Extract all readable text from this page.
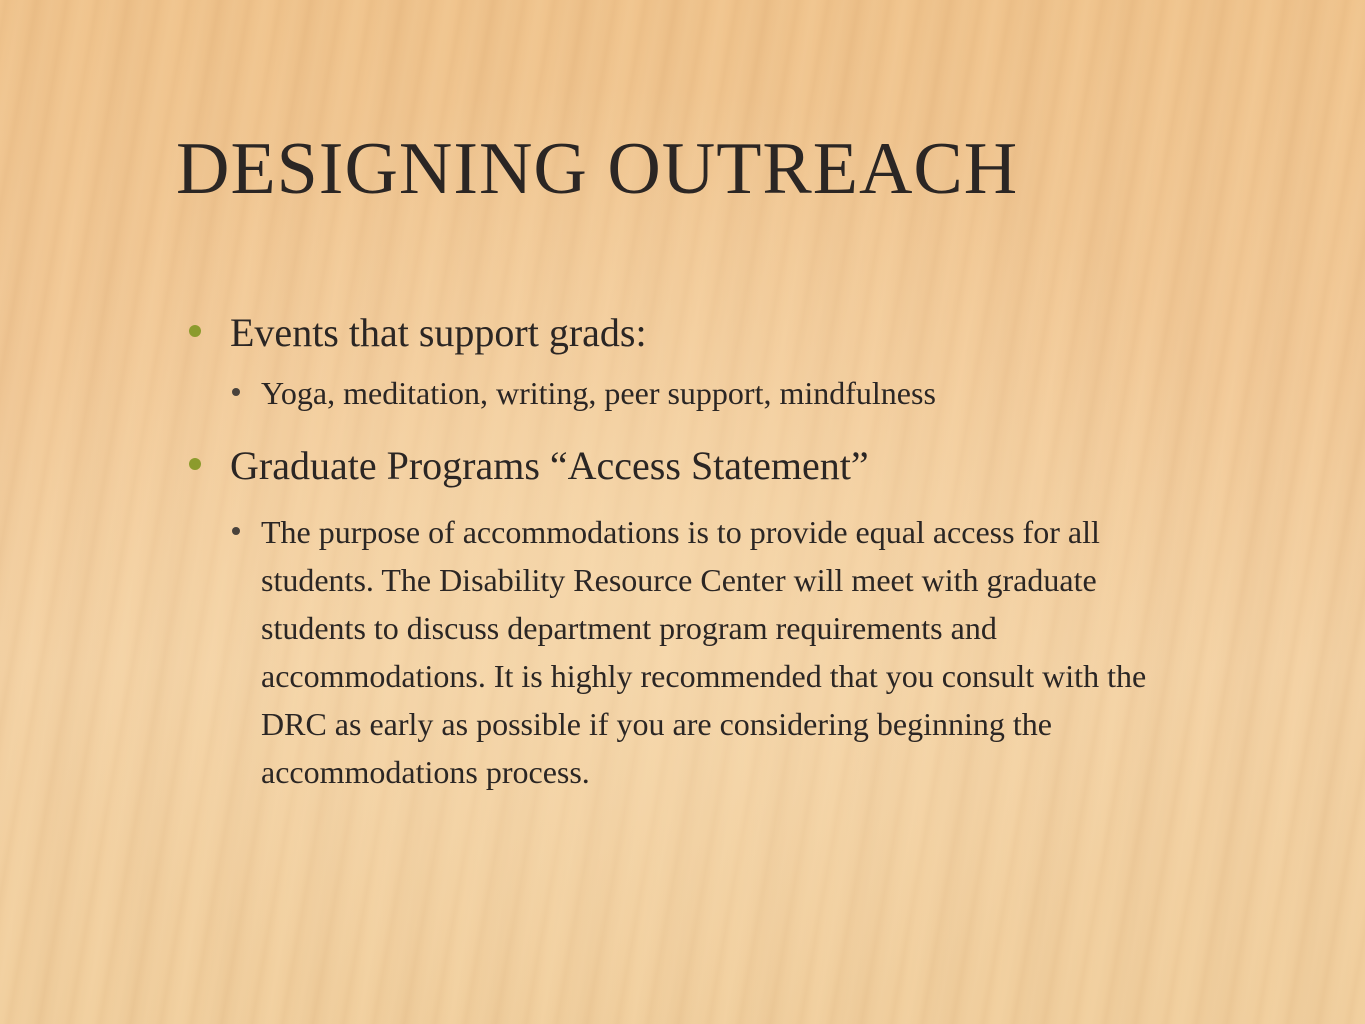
DESIGNING OUTREACH
Events that support grads:
Yoga, meditation, writing, peer support, mindfulness
Graduate Programs “Access Statement”
The purpose of accommodations is to provide equal access for all students. The Disability Resource Center will meet with graduate students to discuss department program requirements and accommodations. It is highly recommended that you consult with the DRC as early as possible if you are considering beginning the accommodations process.
